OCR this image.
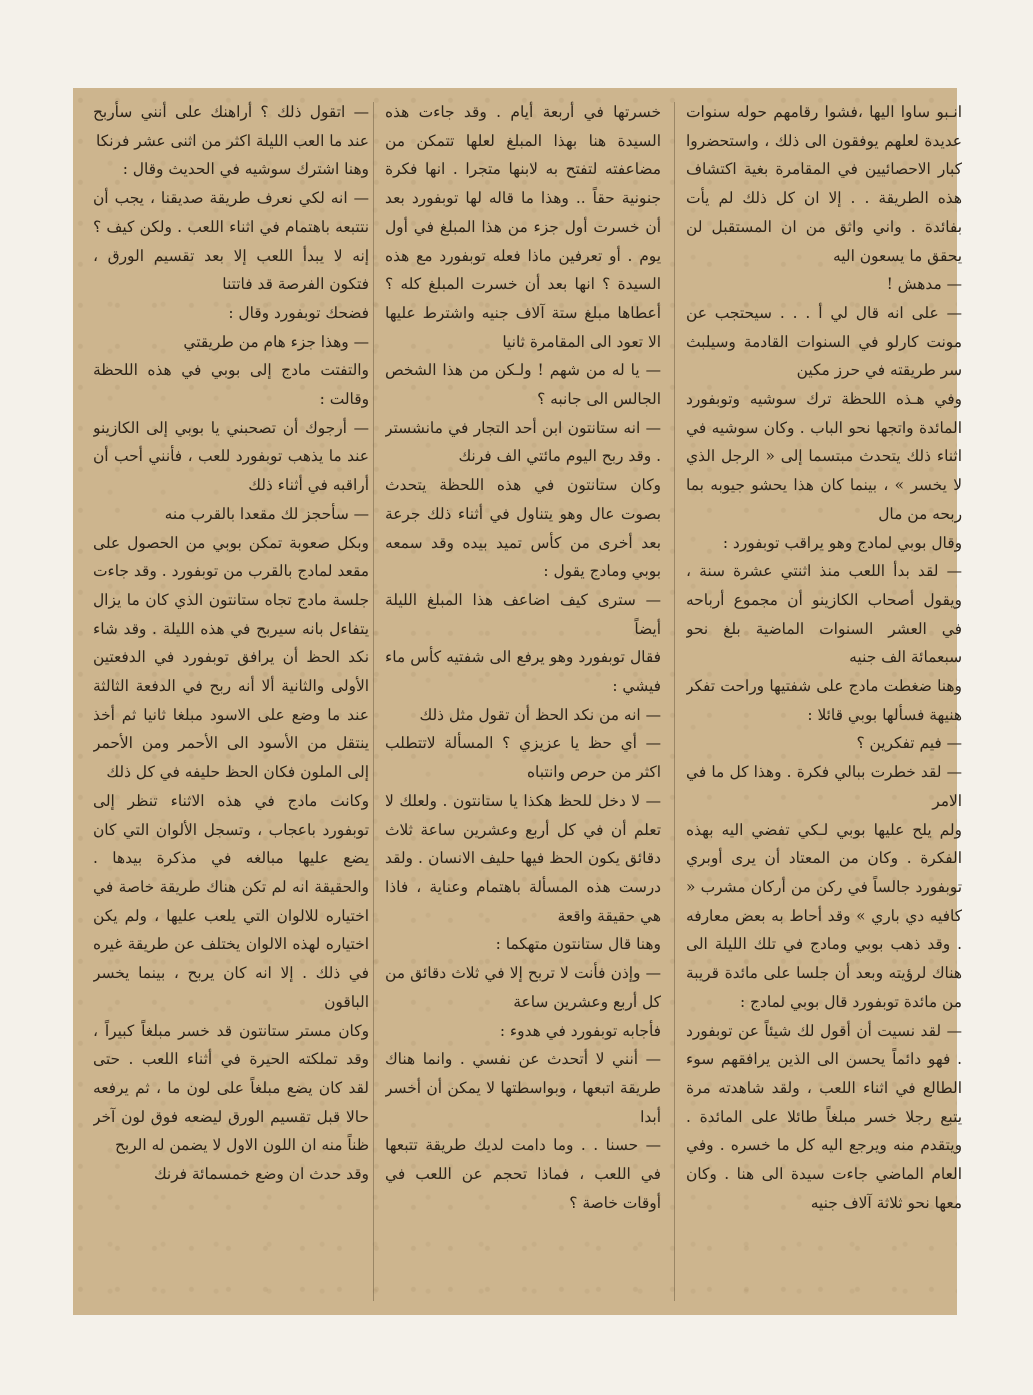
انـبو ساوا اليها ،فشوا رقامهم حوله سنوات عديدة لعلهم يوفقون الى ذلك ، واستحضروا كبار الاحصائيين في المقامرة بغية اكتشاف هذه الطريقة . . إلا ان كل ذلك لم يأت بفائدة . واني واثق من ان المستقبل لن يحقق ما يسعون اليه

— مدهش !

— على انه قال لي أ . . . سيحتجب عن مونت كارلو في السنوات القادمة وسيلبث سر طريقته في حرز مكين

وفي هـذه اللحظة ترك سوشيه وتوبفورد المائدة واتجها نحو الباب . وكان سوشيه في اثناء ذلك يتحدث مبتسما إلى « الرجل الذي لا يخسر » ، بينما كان هذا يحشو جيوبه بما ربحه من مال

وقال بوبي لمادج وهو يراقب توبفورد :

— لقد بدأ اللعب منذ اثنتي عشرة سنة ، ويقول أصحاب الكازينو أن مجموع أرباحه في العشر السنوات الماضية بلغ نحو سبعمائة الف جنيه

وهنا ضغطت مادج على شفتيها وراحت تفكر هنيهة فسألها بوبي قائلا :

— فيم تفكرين ؟

— لقد خطرت ببالي فكرة . وهذا كل ما في الامر

ولم يلح عليها بوبي لـكي تفضي اليه بهذه الفكرة . وكان من المعتاد أن يرى أوبري توبفورد جالساً في ركن من أركان مشرب « كافيه دي باري » وقد أحاط به بعض معارفه . وقد ذهب بوبي ومادج في تلك الليلة الى هناك لرؤيته وبعد أن جلسا على مائدة قريبة من مائدة توبفورد قال بوبي لمادج :

— لقد نسيت أن أقول لك شيئاً عن توبفورد . فهو دائماً يحسن الى الذين يرافقهم سوء الطالع في اثناء اللعب ، ولقد شاهدته مرة يتبع رجلا خسر مبلغاً طائلا على المائدة . ويتقدم منه ويرجع اليه كل ما خسره . وفي العام الماضي جاءت سيدة الى هنا . وكان معها نحو ثلاثة آلاف جنيه

خسرتها في أربعة أيام . وقد جاءت هذه السيدة هنا بهذا المبلغ لعلها تتمكن من مضاعفته لتفتح به لابنها متجرا . انها فكرة جنونية حقاً .. وهذا ما قاله لها توبفورد بعد أن خسرت أول جزء من هذا المبلغ في أول يوم . أو تعرفين ماذا فعله توبفورد مع هذه السيدة ؟ انها بعد أن خسرت المبلغ كله ؟ أعطاها مبلغ ستة آلاف جنيه واشترط عليها الا تعود الى المقامرة ثانيا

— يا له من شهم ! ولـكن من هذا الشخص الجالس الى جانبه ؟

— انه ستانتون ابن أحد التجار في مانشستر . وقد ربح اليوم مائتي الف فرنك

وكان ستانتون في هذه اللحظة يتحدث بصوت عال وهو يتناول في أثناء ذلك جرعة بعد أخرى من كأس تميد بيده وقد سمعه بوبي ومادج يقول :

— سترى كيف اضاعف هذا المبلغ الليلة أيضاً

فقال توبفورد وهو يرفع الى شفتيه كأس ماء فيشي :

— انه من نكد الحظ أن تقول مثل ذلك

— أي حظ يا عزيزي ؟ المسألة لاتتطلب اكثر من حرص وانتباه

— لا دخل للحظ هكذا يا ستانتون . ولعلك لا تعلم أن في كل أربع وعشرين ساعة ثلاث دقائق يكون الحظ فيها حليف الانسان . ولقد درست هذه المسألة باهتمام وعناية ، فاذا هي حقيقة واقعة

وهنا قال ستانتون متهكما :

— وإذن فأنت لا تربح إلا في ثلاث دقائق من كل أربع وعشرين ساعة

فأجابه توبفورد في هدوء :

— أنني لا أتحدث عن نفسي . وانما هناك طريقة اتبعها ، وبواسطتها لا يمكن أن أخسر أبدا

— حسنا . . وما دامت لديك طريقة تتبعها في اللعب ، فماذا تحجم عن اللعب في أوقات خاصة ؟

— اتقول ذلك ؟ أراهنك على أنني سأربح عند ما العب الليلة اكثر من اثنى عشر فرنكا

وهنا اشترك سوشيه في الحديث وقال :

— انه لكي نعرف طريقة صديقنا ، يجب أن نتتبعه باهتمام في اثناء اللعب . ولكن كيف ؟ إنه لا يبدأ اللعب إلا بعد تقسيم الورق ، فتكون الفرصة قد فاتتنا

فضحك توبفورد وقال :

— وهذا جزء هام من طريقتي

والتفتت مادج إلى بوبي في هذه اللحظة وقالت :

— أرجوك أن تصحبني يا بوبي إلى الكازينو عند ما يذهب توبفورد للعب ، فأنني أحب أن أراقبه في أثناء ذلك

— سأحجز لك مقعدا بالقرب منه

وبكل صعوبة تمكن بوبي من الحصول على مقعد لمادج بالقرب من توبفورد . وقد جاءت جلسة مادج تجاه ستانتون الذي كان ما يزال يتفاءل بانه سيربح في هذه الليلة . وقد شاء نكد الحظ أن يرافق توبفورد في الدفعتين الأولى والثانية ألا أنه ربح في الدفعة الثالثة عند ما وضع على الاسود مبلغا ثانيا ثم أخذ ينتقل من الأسود الى الأحمر ومن الأحمر إلى الملون فكان الحظ حليفه في كل ذلك

وكانت مادج في هذه الاثناء تنظر إلى توبفورد باعجاب ، وتسجل الألوان التي كان يضع عليها مبالغه في مذكرة بيدها . والحقيقة انه لم تكن هناك طريقة خاصة في اختياره للالوان التي يلعب عليها ، ولم يكن اختياره لهذه الالوان يختلف عن طريقة غيره في ذلك . إلا انه كان يربح ، بينما يخسر الباقون

وكان مستر ستانتون قد خسر مبلغاً كبيراً ، وقد تملكته الحيرة في أثناء اللعب . حتى لقد كان يضع مبلغاً على لون ما ، ثم يرفعه حالا قبل تقسيم الورق ليضعه فوق لون آخر ظناً منه ان اللون الاول لا يضمن له الربح

وقد حدث ان وضع خمسمائة فرنك
